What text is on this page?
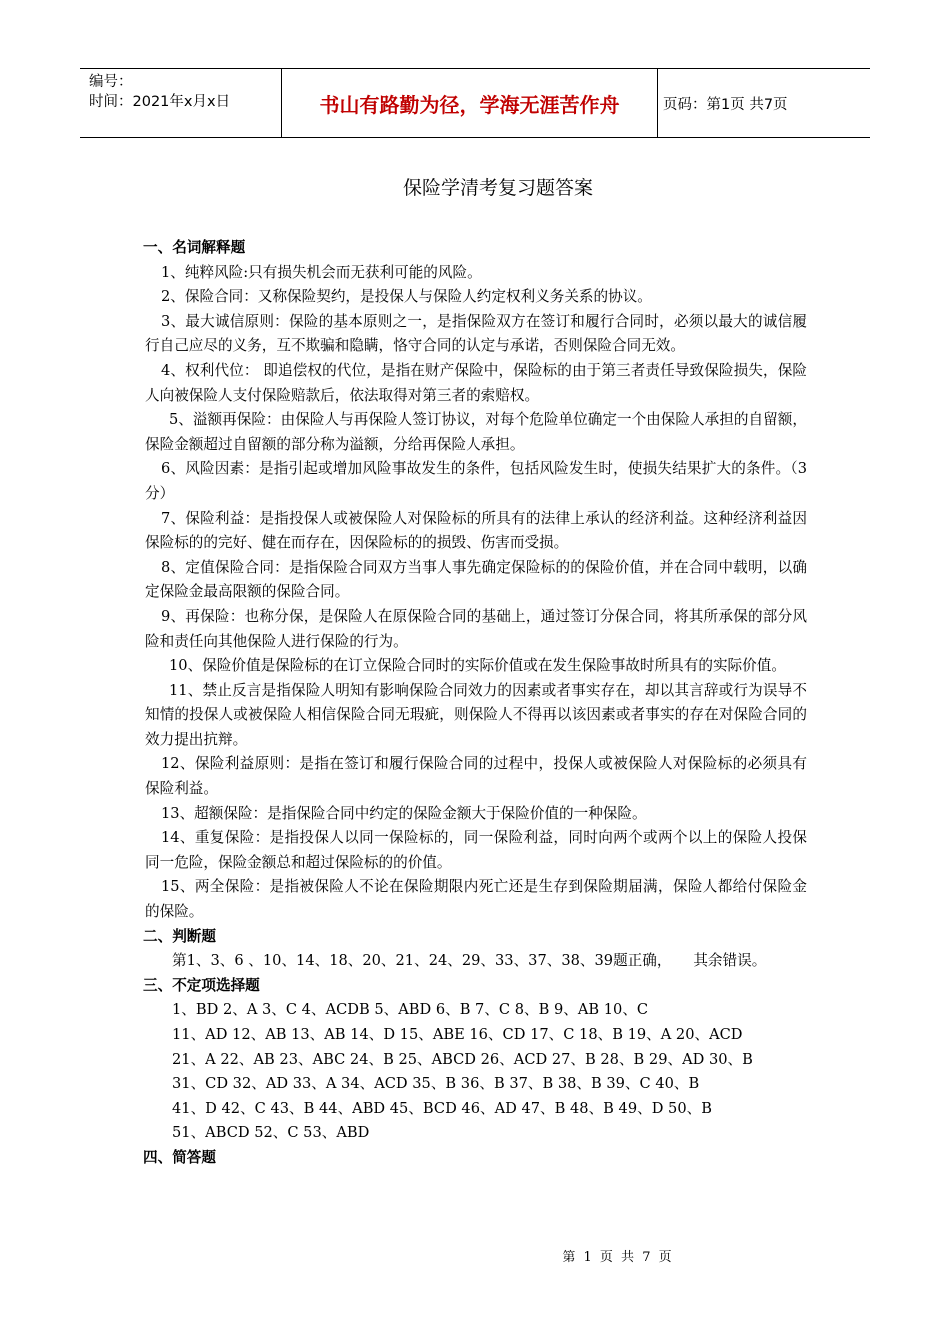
编号：
时间：2021年x月x日	书山有路勤为径，学海无涯苦作舟	页码：第1页 共7页
保险学清考复习题答案
一、名词解释题
1、纯粹风险:只有损失机会而无获利可能的风险。
2、保险合同：又称保险契约，是投保人与保险人约定权利义务关系的协议。
3、最大诚信原则：保险的基本原则之一，是指保险双方在签订和履行合同时，必须以最大的诚信履行自己应尽的义务，互不欺骗和隐瞒，恪守合同的认定与承诺，否则保险合同无效。
4、权利代位： 即追偿权的代位，是指在财产保险中，保险标的由于第三者责任导致保险损失，保险人向被保险人支付保险赔款后，依法取得对第三者的索赔权。
5、溢额再保险：由保险人与再保险人签订协议，对每个危险单位确定一个由保险人承担的自留额，保险金额超过自留额的部分称为溢额，分给再保险人承担。
6、风险因素：是指引起或增加风险事故发生的条件，包括风险发生时，使损失结果扩大的条件。（3分）
7、保险利益：是指投保人或被保险人对保险标的所具有的法律上承认的经济利益。这种经济利益因保险标的的完好、健在而存在，因保险标的的损毁、伤害而受损。
8、定值保险合同：是指保险合同双方当事人事先确定保险标的的保险价值，并在合同中载明，以确定保险金最高限额的保险合同。
9、再保险：也称分保，是保险人在原保险合同的基础上，通过签订分保合同，将其所承保的部分风险和责任向其他保险人进行保险的行为。
10、保险价值是保险标的在订立保险合同时的实际价值或在发生保险事故时所具有的实际价值。
11、禁止反言是指保险人明知有影响保险合同效力的因素或者事实存在，却以其言辞或行为误导不知情的投保人或被保险人相信保险合同无瑕疵，则保险人不得再以该因素或者事实的存在对保险合同的效力提出抗辩。
12、保险利益原则：是指在签订和履行保险合同的过程中，投保人或被保险人对保险标的必须具有保险利益。
13、超额保险：是指保险合同中约定的保险金额大于保险价值的一种保险。
14、重复保险：是指投保人以同一保险标的，同一保险利益，同时向两个或两个以上的保险人投保同一危险，保险金额总和超过保险标的的价值。
15、两全保险：是指被保险人不论在保险期限内死亡还是生存到保险期届满，保险人都给付保险金的保险。
二、判断题
第1、3、6 、10、14、18、20、21、24、29、33、37、38、39题正确，　　其余错误。
三、不定项选择题
1、BD 2、A 3、C 4、ACDB 5、ABD 6、B 7、C 8、B 9、AB 10、C
11、AD 12、AB 13、AB 14、D 15、ABE 16、CD 17、C 18、B 19、A 20、ACD
21、A 22、AB 23、ABC 24、B 25、ABCD 26、ACD 27、B 28、B 29、AD 30、B
31、CD 32、AD 33、A 34、ACD 35、B 36、B 37、B 38、B 39、C 40、B
41、D 42、C 43、B 44、ABD 45、BCD 46、AD 47、B 48、B 49、D 50、B
51、ABCD 52、C 53、ABD
四、简答题
第 1 页 共 7 页
